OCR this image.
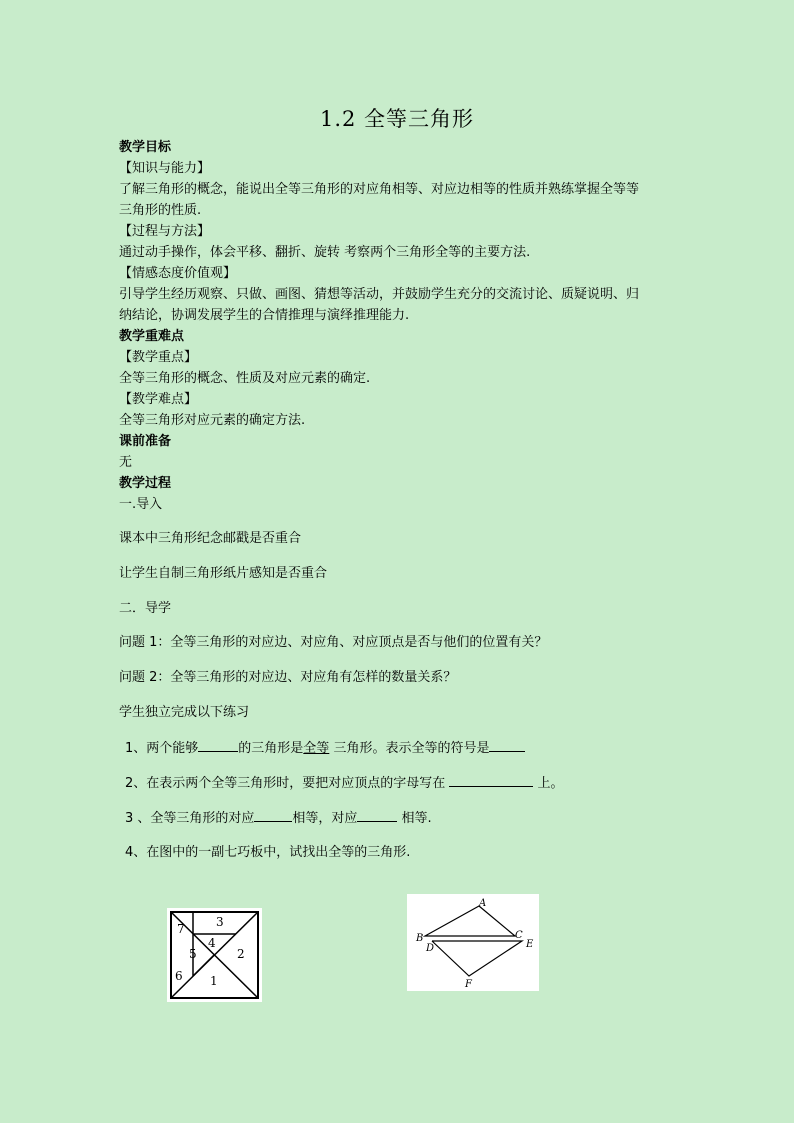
1.2 全等三角形
教学目标
【知识与能力】
了解三角形的概念，能说出全等三角形的对应角相等、对应边相等的性质并熟练掌握全等等
三角形的性质.
【过程与方法】
通过动手操作，体会平移、翻折、旋转 考察两个三角形全等的主要方法.
【情感态度价值观】
引导学生经历观察、只做、画图、猜想等活动，并鼓励学生充分的交流讨论、质疑说明、归
纳结论，协调发展学生的合情推理与演绎推理能力.
教学重难点
【教学重点】
全等三角形的概念、性质及对应元素的确定.
【教学难点】
全等三角形对应元素的确定方法.
课前准备
无
教学过程
一.导入
课本中三角形纪念邮戳是否重合
让学生自制三角形纸片感知是否重合
二．导学
问题 1：全等三角形的对应边、对应角、对应顶点是否与他们的位置有关？
问题 2：全等三角形的对应边、对应角有怎样的数量关系？
学生独立完成以下练习
1、两个能够	的三角形是全等 三角形。表示全等的符号是
2、在表示两个全等三角形时，要把对应顶点的字母写在	上。
3 、全等三角形的对应	相等，对应	相等.
4、在图中的一副七巧板中，试找出全等的三角形.
7	3
4
5	2
6 1
A
B	C
D	E
F
